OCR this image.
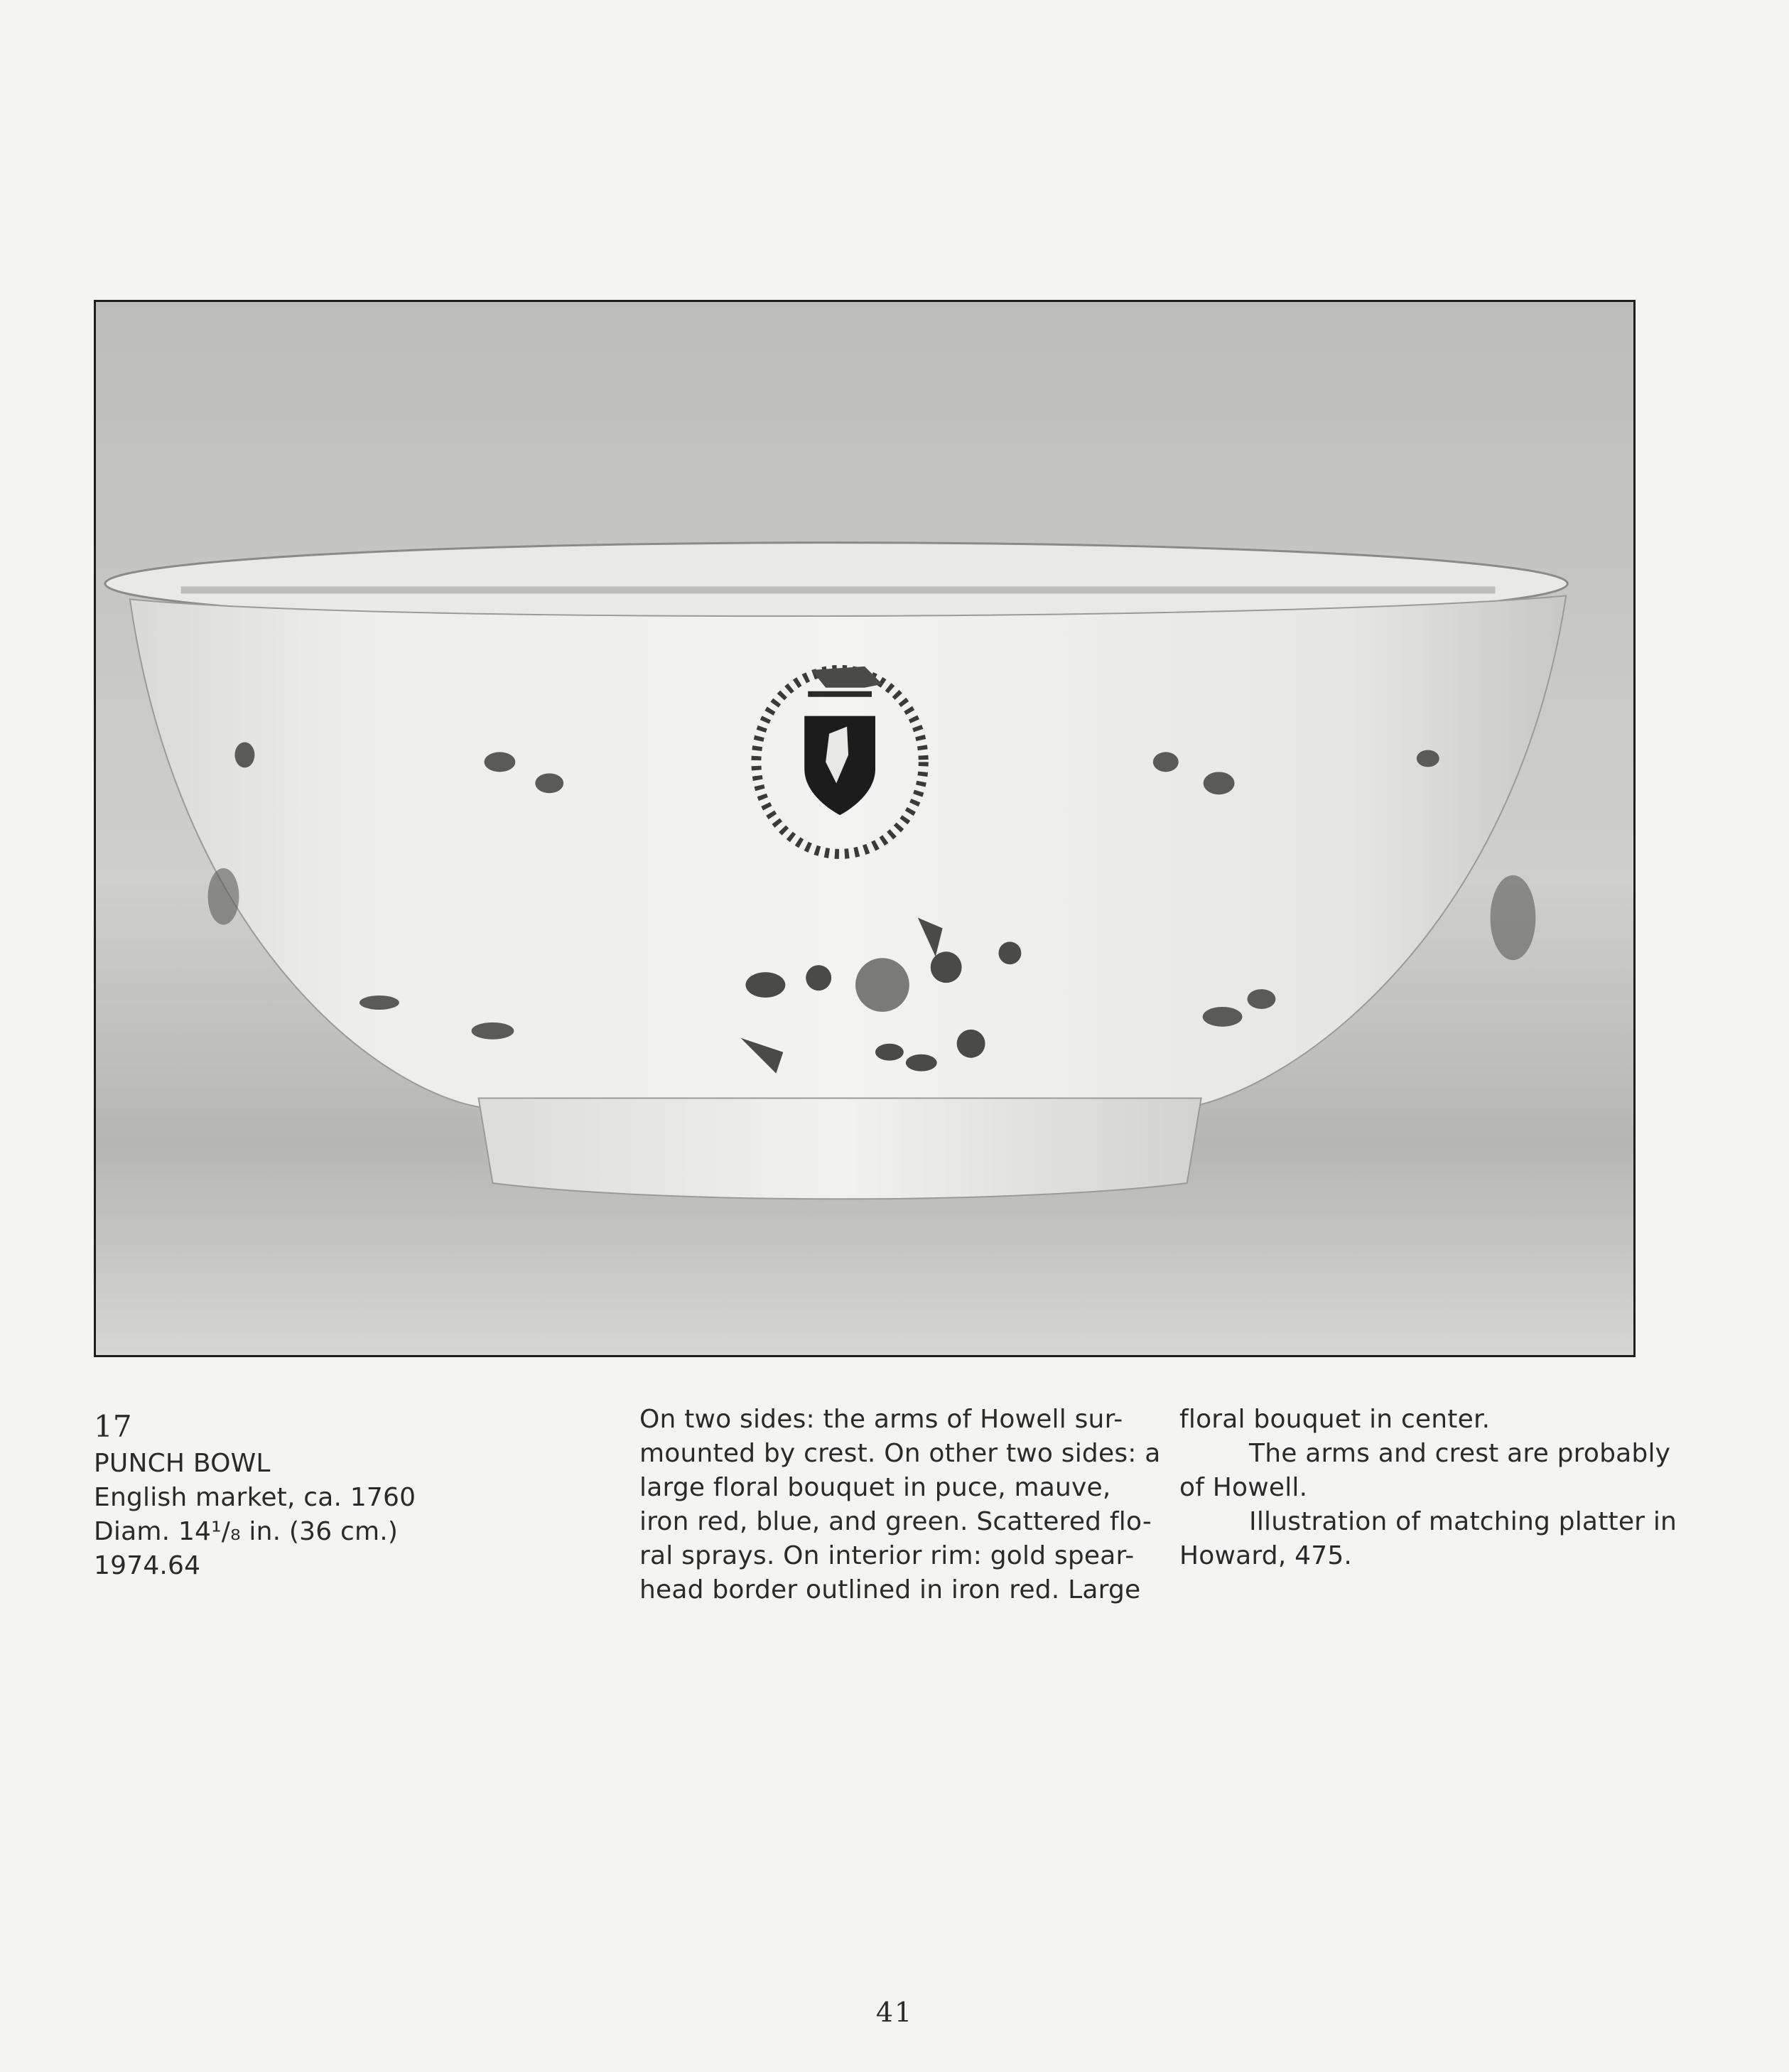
17
PUNCH BOWL
English market, ca. 1760
Diam. 14¹/₈ in. (36 cm.)
1974.64
On two sides: the arms of Howell sur-
mounted by crest. On other two sides: a
large floral bouquet in puce, mauve,
iron red, blue, and green. Scattered flo-
ral sprays. On interior rim: gold spear-
head border outlined in iron red. Large
floral bouquet in center.
The arms and crest are probably
of Howell.
Illustration of matching platter in
Howard, 475.
41
